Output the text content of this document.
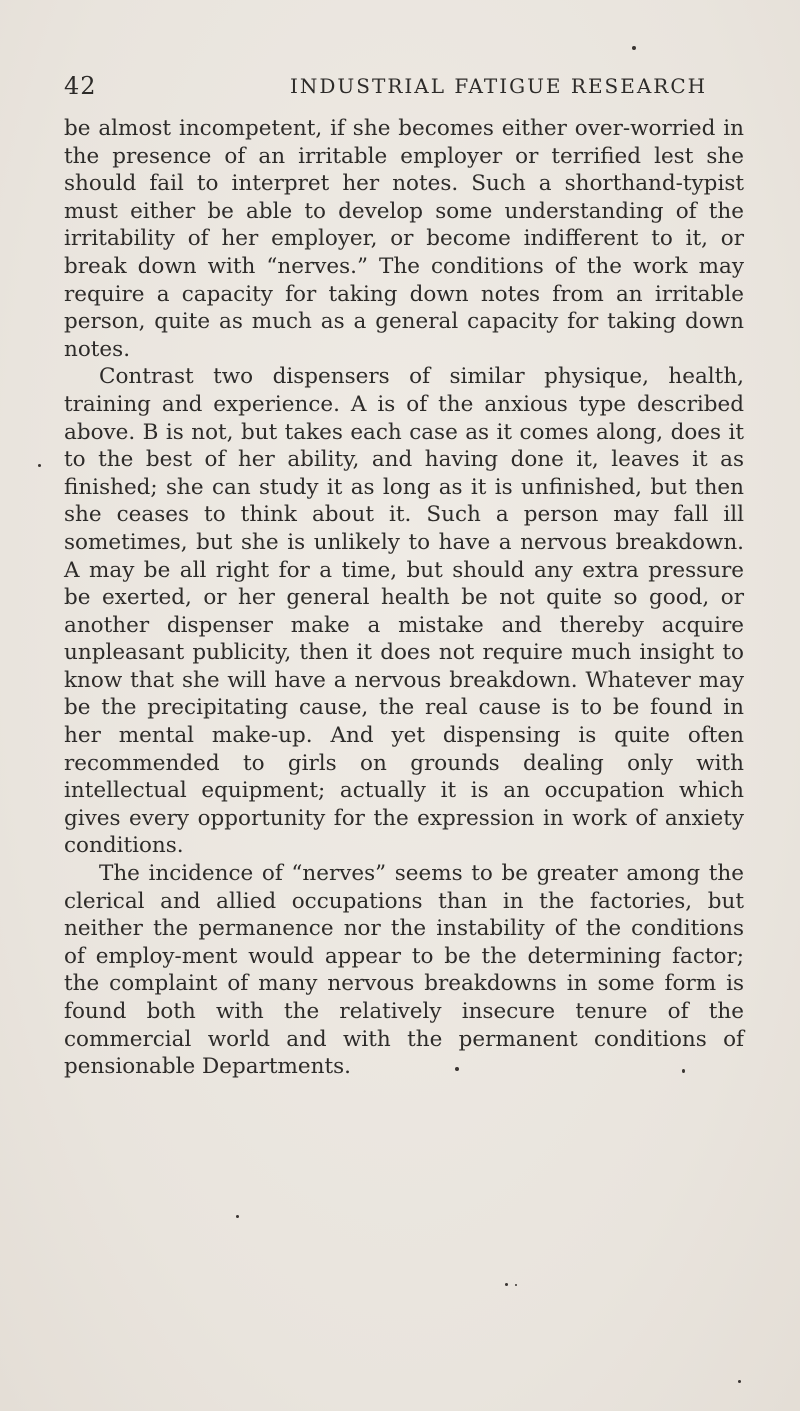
42	INDUSTRIAL FATIGUE RESEARCH

be almost incompetent, if she becomes either over-worried in the presence of an irritable employer or terrified lest she should fail to interpret her notes. Such a shorthand-typist must either be able to develop some understanding of the irritability of her employer, or become indifferent to it, or break down with “nerves.” The conditions of the work may require a capacity for taking down notes from an irritable person, quite as much as a general capacity for taking down notes.

Contrast two dispensers of similar physique, health, training and experience. A is of the anxious type described above. B is not, but takes each case as it comes along, does it to the best of her ability, and having done it, leaves it as finished; she can study it as long as it is unfinished, but then she ceases to think about it. Such a person may fall ill sometimes, but she is unlikely to have a nervous breakdown. A may be all right for a time, but should any extra pressure be exerted, or her general health be not quite so good, or another dispenser make a mistake and thereby acquire unpleasant publicity, then it does not require much insight to know that she will have a nervous breakdown. Whatever may be the precipitating cause, the real cause is to be found in her mental make-up. And yet dispensing is quite often recommended to girls on grounds dealing only with intellectual equipment; actually it is an occupation which gives every opportunity for the expression in work of anxiety conditions.

The incidence of “nerves” seems to be greater among the clerical and allied occupations than in the factories, but neither the permanence nor the instability of the conditions of employ-ment would appear to be the determining factor; the complaint of many nervous breakdowns in some form is found both with the relatively insecure tenure of the commercial world and with the permanent conditions of pensionable Departments.
